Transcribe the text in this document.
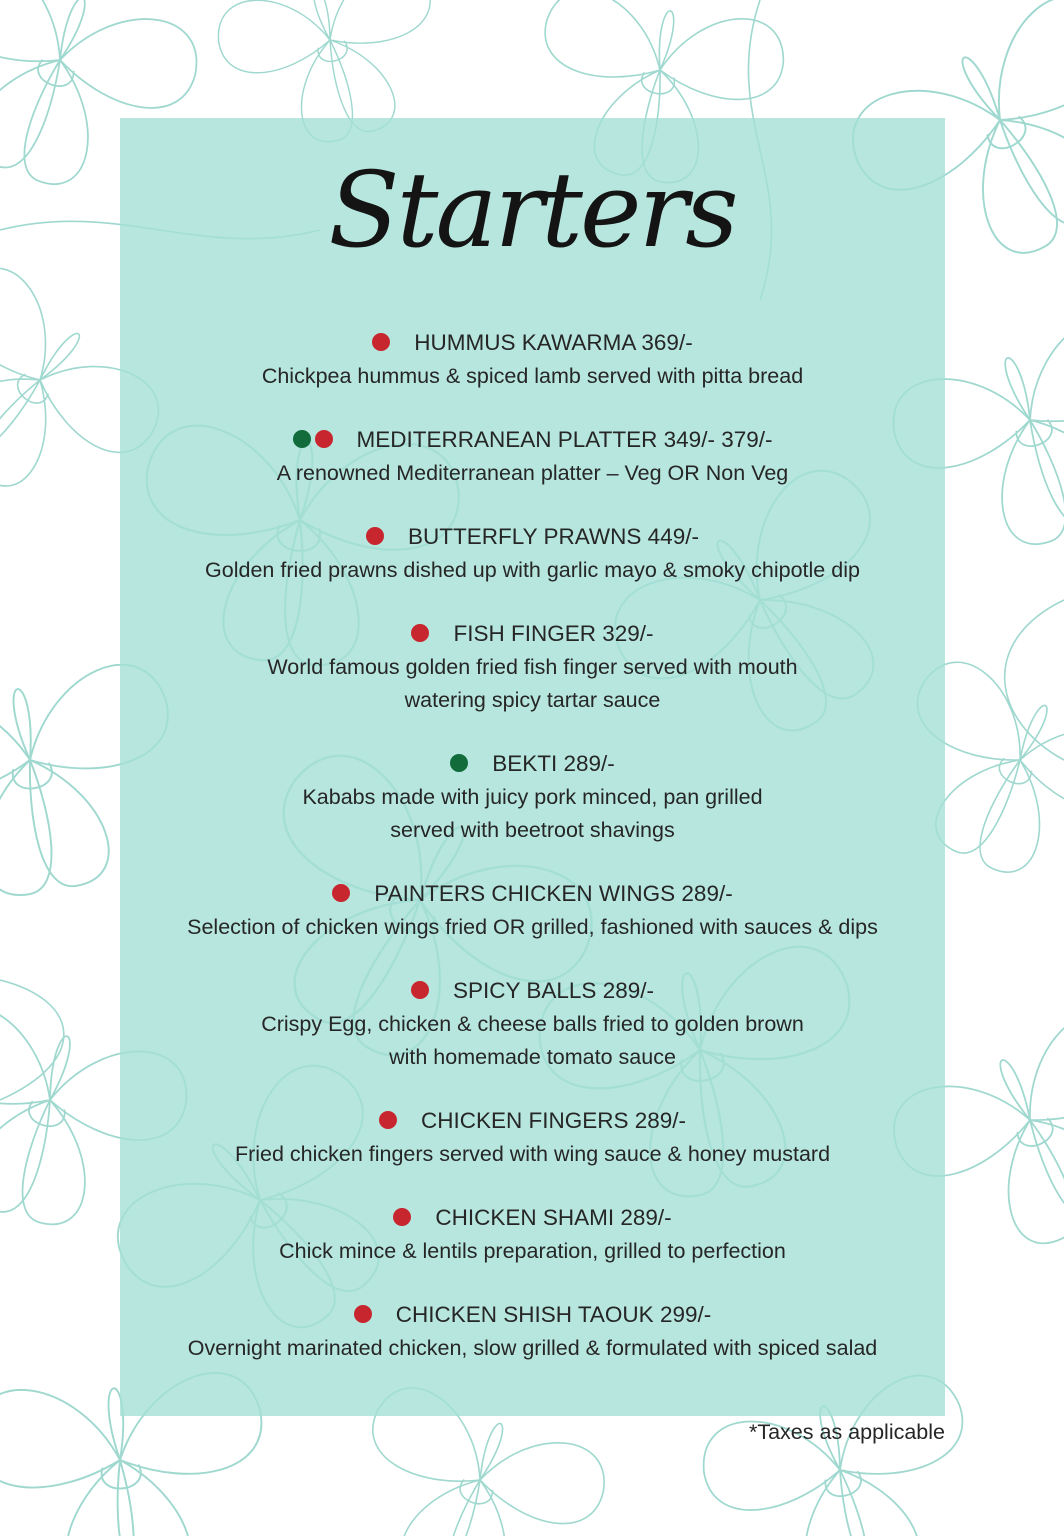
Starters
HUMMUS KAWARMA 369/-
Chickpea hummus & spiced lamb served with pitta bread
MEDITERRANEAN PLATTER 349/- 379/-
A renowned Mediterranean platter – Veg OR Non Veg
BUTTERFLY PRAWNS 449/-
Golden fried prawns dished up with garlic mayo & smoky chipotle dip
FISH FINGER 329/-
World famous golden fried fish finger served with mouth
watering spicy tartar sauce
BEKTI 289/-
Kababs made with juicy pork minced, pan grilled
served with beetroot shavings
PAINTERS CHICKEN WINGS 289/-
Selection of chicken wings fried OR grilled, fashioned with sauces & dips
SPICY BALLS 289/-
Crispy Egg, chicken & cheese balls fried to golden brown
with homemade tomato sauce
CHICKEN FINGERS 289/-
Fried chicken fingers served with wing sauce & honey mustard
CHICKEN SHAMI 289/-
Chick mince & lentils preparation, grilled to perfection
CHICKEN SHISH TAOUK 299/-
Overnight marinated chicken, slow grilled & formulated with spiced salad
*Taxes as applicable
